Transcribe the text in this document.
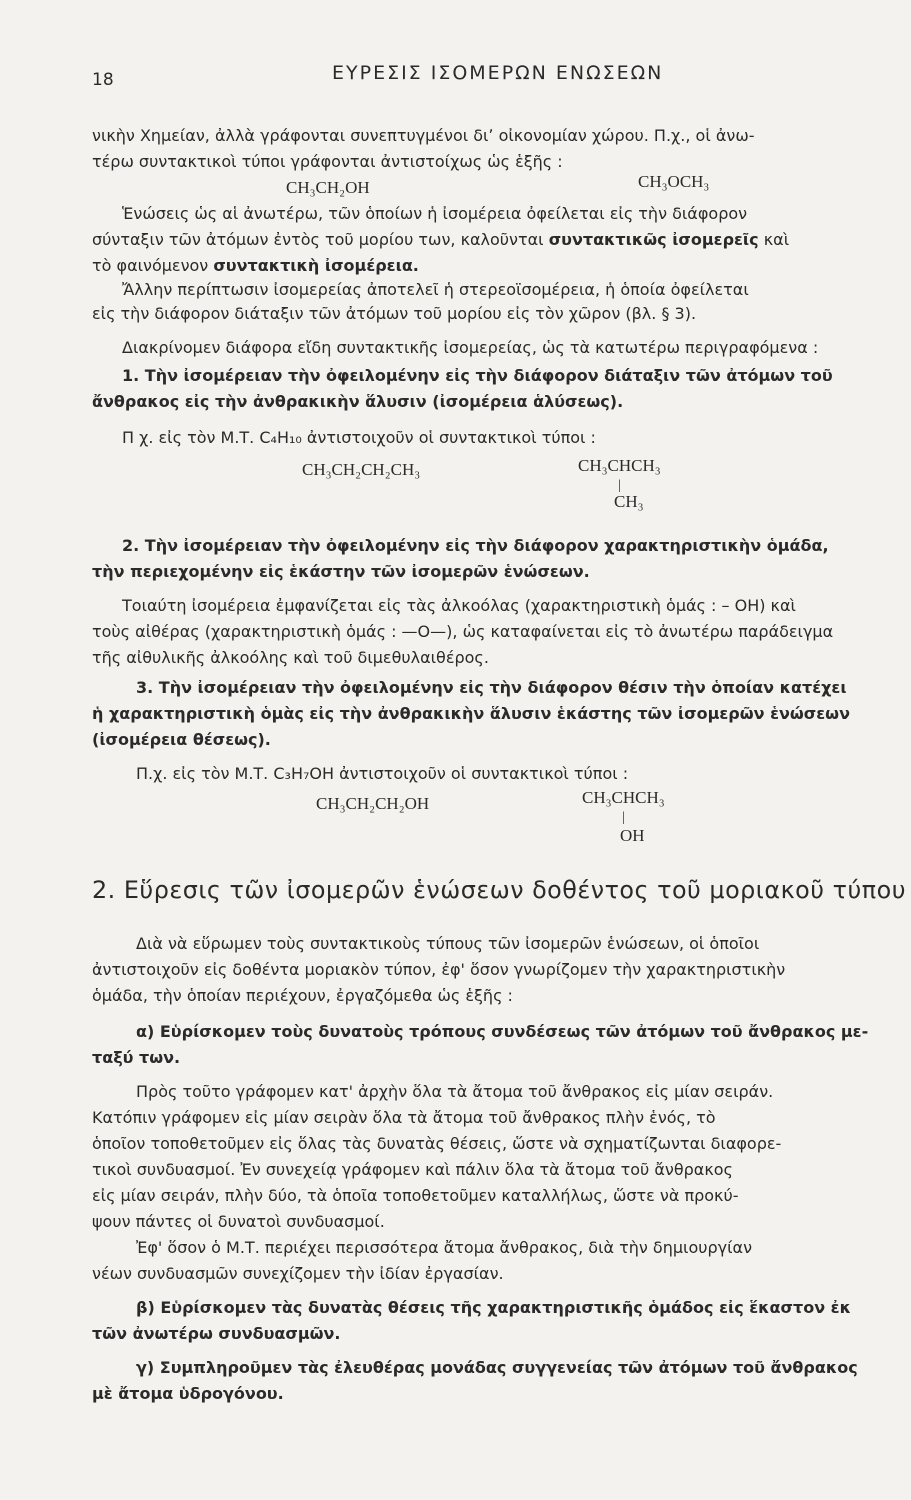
18	ΕΥΡΕΣΙΣ ΙΣΟΜΕΡΩΝ ΕΝΩΣΕΩΝ
νικὴν Χημείαν, ἀλλὰ γράφονται συνεπτυγμένοι διʼ οἰκονομίαν χώρου. Π.χ., οἱ ἀνω-
τέρω συντακτικοὶ τύποι γράφονται ἀντιστοίχως ὡς ἑξῆς :
CH₃CH₂OH	CH₃OCH₃
Ἑνώσεις ὡς αἱ ἀνωτέρω, τῶν ὁποίων ἡ ἰσομέρεια ὀφείλεται εἰς τὴν διάφορον
σύνταξιν τῶν ἀτόμων ἐντὸς τοῦ μορίου των, καλοῦνται συντακτικῶς ἰσομερεῖς καὶ
τὸ φαινόμενον συντακτικὴ ἰσομέρεια.
Ἄλλην περίπτωσιν ἰσομερείας ἀποτελεῖ ἡ στερεοϊσομέρεια, ἡ ὁποία ὀφείλεται
εἰς τὴν διάφορον διάταξιν τῶν ἀτόμων τοῦ μορίου εἰς τὸν χῶρον (βλ. § 3).
Διακρίνομεν διάφορα εἴδη συντακτικῆς ἰσομερείας, ὡς τὰ κατωτέρω περιγραφόμενα :
1. Τὴν ἰσομέρειαν τὴν ὀφειλομένην εἰς τὴν διάφορον διάταξιν τῶν ἀτόμων τοῦ
ἄνθρακος εἰς τὴν ἀνθρακικὴν ἅλυσιν (ἰσομέρεια ἁλύσεως).
Π χ. εἰς τὸν Μ.Τ. C₄H₁₀ ἀντιστοιχοῦν οἱ συντακτικοὶ τύποι :
CH₃CH₂CH₂CH₃	CH₃CHCH₃
|
CH₃
2. Τὴν ἰσομέρειαν τὴν ὀφειλομένην εἰς τὴν διάφορον χαρακτηριστικὴν ὁμάδα,
τὴν περιεχομένην εἰς ἑκάστην τῶν ἰσομερῶν ἑνώσεων.
Τοιαύτη ἰσομέρεια ἐμφανίζεται εἰς τὰς ἀλκοόλας (χαρακτηριστικὴ ὁμάς : – ΟΗ) καὶ
τοὺς αἰθέρας (χαρακτηριστικὴ ὁμάς : —Ο—), ὡς καταφαίνεται εἰς τὸ ἀνωτέρω παράδειγμα
τῆς αἰθυλικῆς ἀλκοόλης καὶ τοῦ διμεθυλαιθέρος.
3. Τὴν ἰσομέρειαν τὴν ὀφειλομένην εἰς τὴν διάφορον θέσιν τὴν ὁποίαν κατέχει
ἡ χαρακτηριστικὴ ὁμὰς εἰς τὴν ἀνθρακικὴν ἅλυσιν ἑκάστης τῶν ἰσομερῶν ἑνώσεων
(ἰσομέρεια θέσεως).
Π.χ. εἰς τὸν Μ.Τ. C₃H₇OH ἀντιστοιχοῦν οἱ συντακτικοὶ τύποι :
CH₃CH₂CH₂OH	CH₃CHCH₃
|
OH
2. Εὕρεσις τῶν ἰσομερῶν ἑνώσεων δοθέντος τοῦ μοριακοῦ τύπου
Διὰ νὰ εὕρωμεν τοὺς συντακτικοὺς τύπους τῶν ἰσομερῶν ἑνώσεων, οἱ ὁποῖοι
ἀντιστοιχοῦν εἰς δοθέντα μοριακὸν τύπον, ἐφ' ὅσον γνωρίζομεν τὴν χαρακτηριστικὴν
ὁμάδα, τὴν ὁποίαν περιέχουν, ἐργαζόμεθα ὡς ἑξῆς :
α) Εὑρίσκομεν τοὺς δυνατοὺς τρόπους συνδέσεως τῶν ἀτόμων τοῦ ἄνθρακος με-
ταξύ των.
Πρὸς τοῦτο γράφομεν κατ' ἀρχὴν ὅλα τὰ ἄτομα τοῦ ἄνθρακος εἰς μίαν σειράν.
Κατόπιν γράφομεν εἰς μίαν σειρὰν ὅλα τὰ ἄτομα τοῦ ἄνθρακος πλὴν ἑνός, τὸ
ὁποῖον τοποθετοῦμεν εἰς ὅλας τὰς δυνατὰς θέσεις, ὥστε νὰ σχηματίζωνται διαφορε-
τικοὶ συνδυασμοί. Ἐν συνεχείᾳ γράφομεν καὶ πάλιν ὅλα τὰ ἄτομα τοῦ ἄνθρακος
εἰς μίαν σειράν, πλὴν δύο, τὰ ὁποῖα τοποθετοῦμεν καταλλήλως, ὥστε νὰ προκύ-
ψουν πάντες οἱ δυνατοὶ συνδυασμοί.
Ἐφ' ὅσον ὁ Μ.Τ. περιέχει περισσότερα ἄτομα ἄνθρακος, διὰ τὴν δημιουργίαν
νέων συνδυασμῶν συνεχίζομεν τὴν ἰδίαν ἐργασίαν.
β) Εὑρίσκομεν τὰς δυνατὰς θέσεις τῆς χαρακτηριστικῆς ὁμάδος εἰς ἕκαστον ἐκ
τῶν ἀνωτέρω συνδυασμῶν.
γ) Συμπληροῦμεν τὰς ἐλευθέρας μονάδας συγγενείας τῶν ἀτόμων τοῦ ἄνθρακος
μὲ ἄτομα ὑδρογόνου.
